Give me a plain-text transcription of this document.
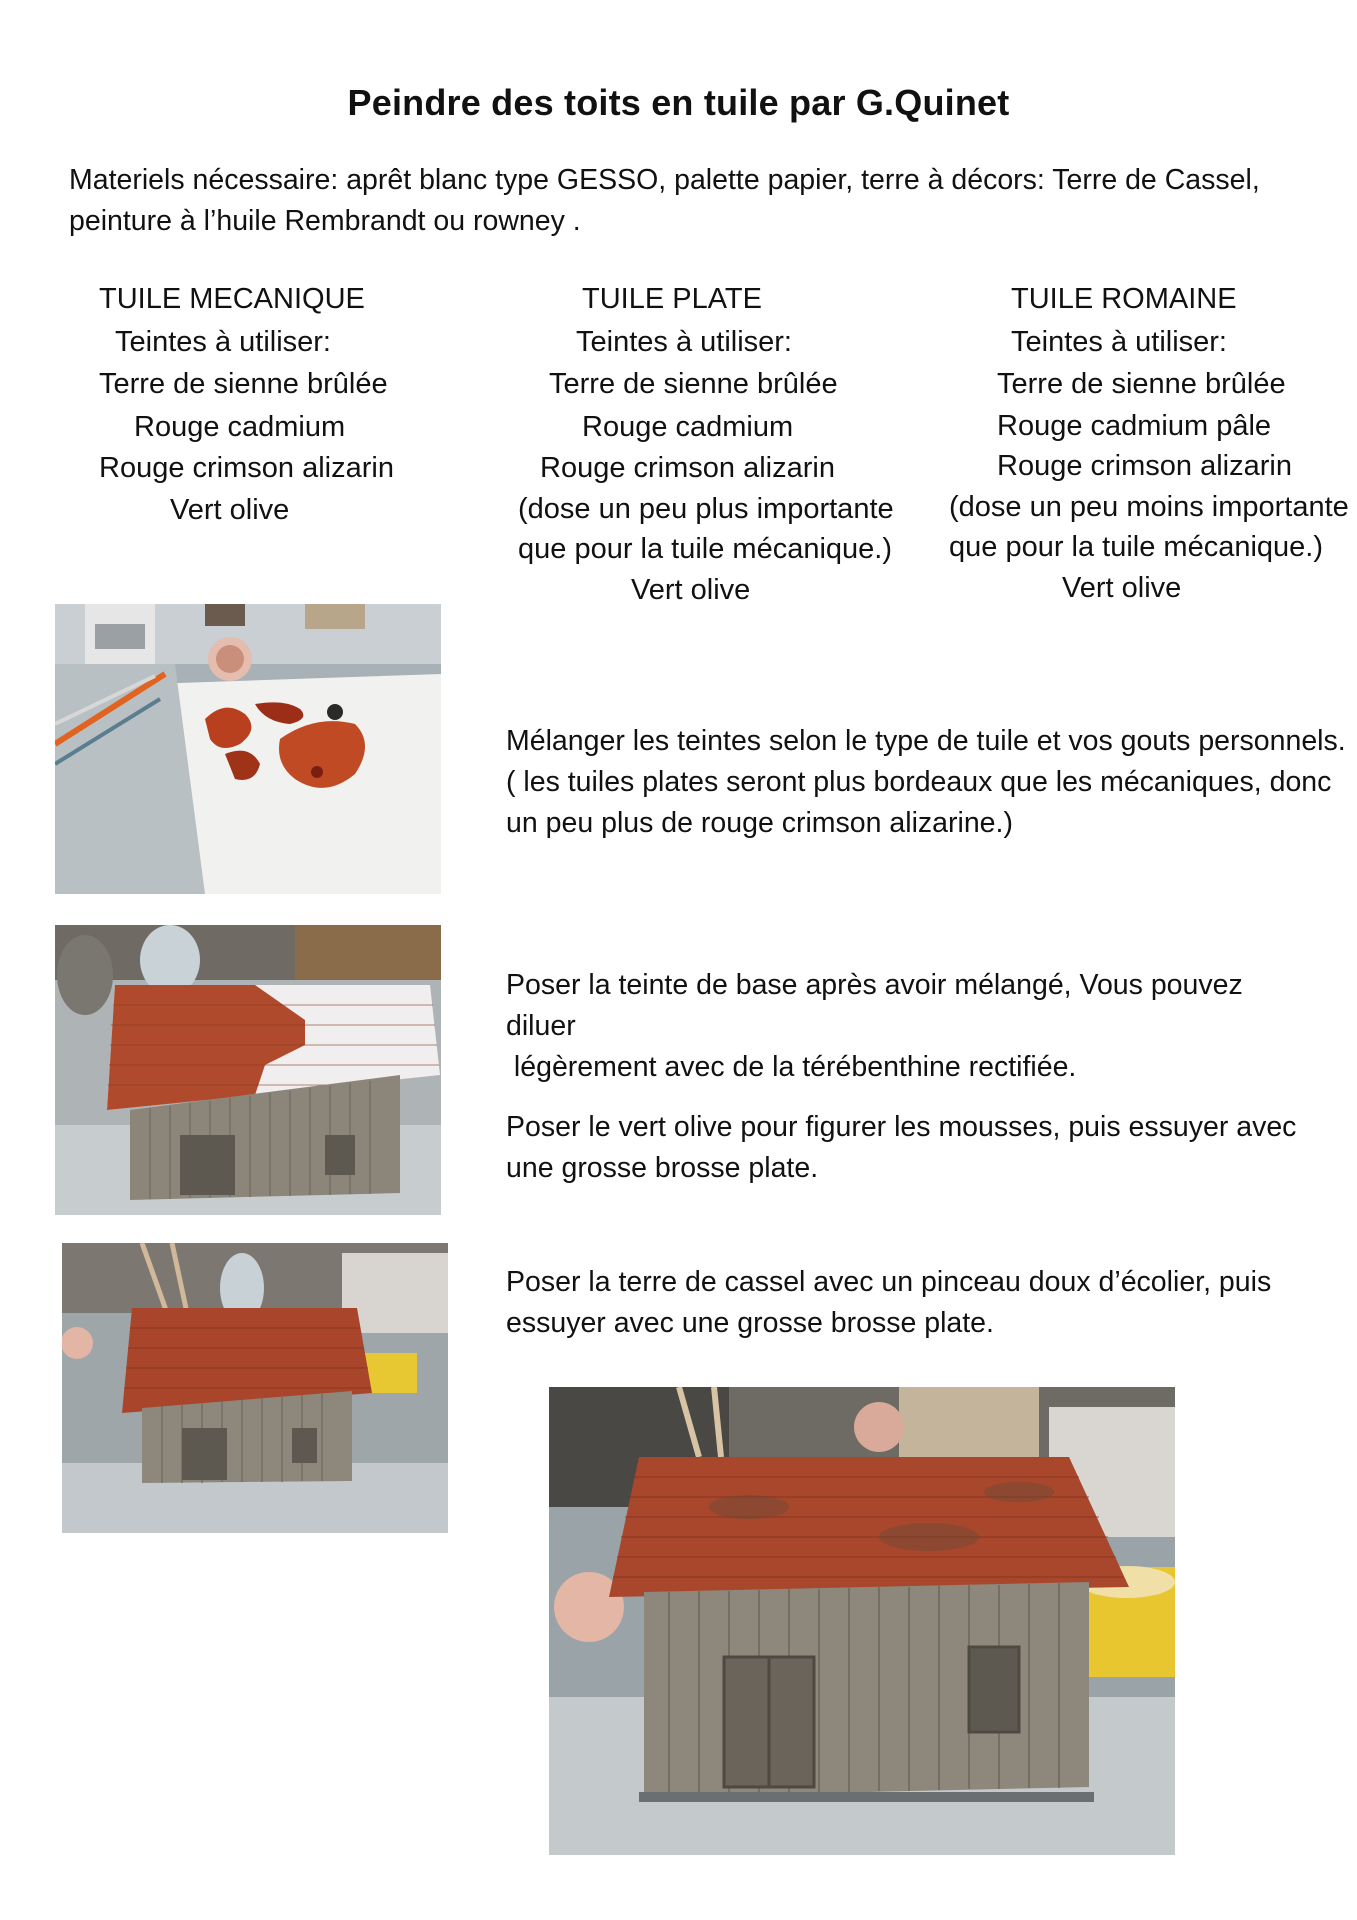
Peindre des toits en tuile par G.Quinet
Materiels nécessaire: aprêt blanc type GESSO, palette papier, terre à décors: Terre de Cassel,
peinture à l’huile Rembrandt ou rowney .
TUILE MECANIQUE
Teintes à utiliser:
Terre de sienne brûlée
Rouge cadmium
Rouge crimson alizarin
Vert olive
TUILE PLATE
Teintes à utiliser:
Terre de sienne brûlée
Rouge cadmium
Rouge crimson alizarin
(dose un peu plus importante
que pour la tuile mécanique.)
Vert olive
TUILE ROMAINE
Teintes à utiliser:
Terre de sienne brûlée
Rouge cadmium pâle
Rouge crimson alizarin
(dose un peu moins importante
que pour la tuile mécanique.)
Vert olive
Mélanger les teintes selon le type de tuile et vos gouts personnels.
( les tuiles plates seront plus bordeaux que les mécaniques, donc
un peu plus de rouge crimson alizarine.)
Poser la teinte de base après avoir mélangé, Vous pouvez
diluer
légèrement avec de la térébenthine rectifiée.
Poser le vert olive pour figurer les mousses, puis essuyer avec
une grosse brosse plate.
Poser la terre de cassel avec un pinceau doux d’écolier, puis
essuyer avec une grosse brosse plate.
